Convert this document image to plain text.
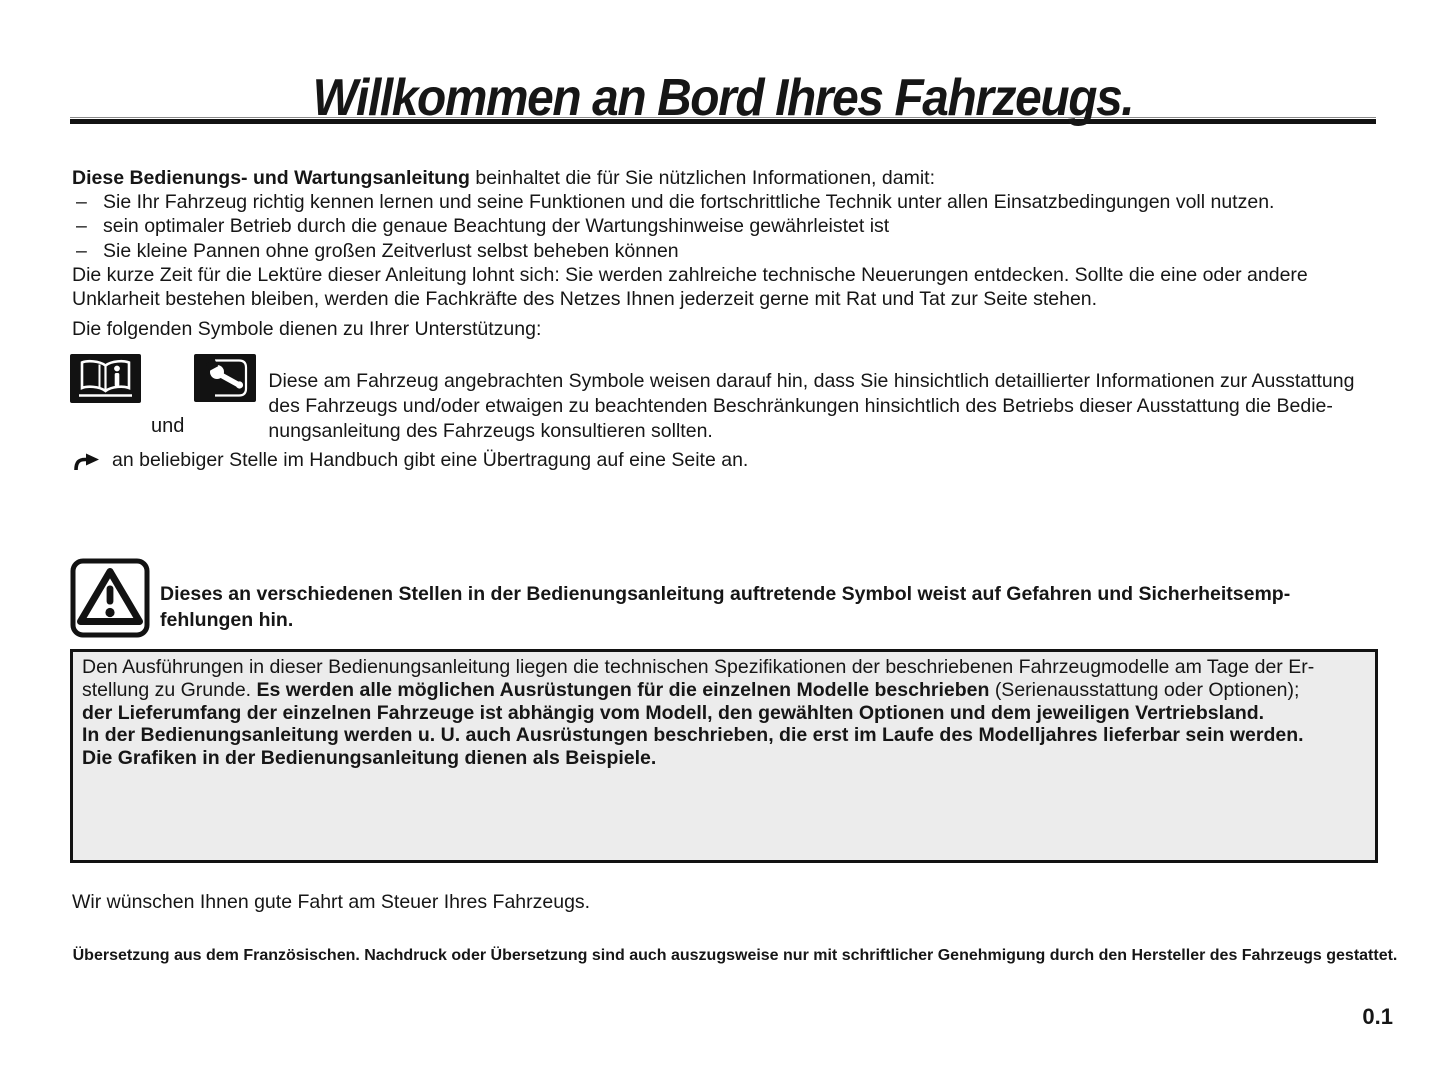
Willkommen an Bord Ihres Fahrzeugs.
Diese Bedienungs- und Wartungsanleitung beinhaltet die für Sie nützlichen Informationen, damit:
– Sie Ihr Fahrzeug richtig kennen lernen und seine Funktionen und die fortschrittliche Technik unter allen Einsatzbedingungen voll nutzen.
– sein optimaler Betrieb durch die genaue Beachtung der Wartungshinweise gewährleistet ist
– Sie kleine Pannen ohne großen Zeitverlust selbst beheben können
Die kurze Zeit für die Lektüre dieser Anleitung lohnt sich: Sie werden zahlreiche technische Neuerungen entdecken. Sollte die eine oder andere
Unklarheit bestehen bleiben, werden die Fachkräfte des Netzes Ihnen jederzeit gerne mit Rat und Tat zur Seite stehen.
Die folgenden Symbole dienen zu Ihrer Unterstützung:
und
Diese am Fahrzeug angebrachten Symbole weisen darauf hin, dass Sie hinsichtlich detaillierter Informationen zur Ausstattung
des Fahrzeugs und/oder etwaigen zu beachtenden Beschränkungen hinsichtlich des Betriebs dieser Ausstattung die Bedie-
nungsanleitung des Fahrzeugs konsultieren sollten.
an beliebiger Stelle im Handbuch gibt eine Übertragung auf eine Seite an.
Dieses an verschiedenen Stellen in der Bedienungsanleitung auftretende Symbol weist auf Gefahren und Sicherheitsemp-
fehlungen hin.
Den Ausführungen in dieser Bedienungsanleitung liegen die technischen Spezifikationen der beschriebenen Fahrzeugmodelle am Tage der Er-
stellung zu Grunde. Es werden alle möglichen Ausrüstungen für die einzelnen Modelle beschrieben (Serienausstattung oder Optionen);
der Lieferumfang der einzelnen Fahrzeuge ist abhängig vom Modell, den gewählten Optionen und dem jeweiligen Vertriebsland.
In der Bedienungsanleitung werden u. U. auch Ausrüstungen beschrieben, die erst im Laufe des Modelljahres lieferbar sein werden.
Die Grafiken in der Bedienungsanleitung dienen als Beispiele.
Wir wünschen Ihnen gute Fahrt am Steuer Ihres Fahrzeugs.
Übersetzung aus dem Französischen. Nachdruck oder Übersetzung sind auch auszugsweise nur mit schriftlicher Genehmigung durch den Hersteller des Fahrzeugs gestattet.
0.1
